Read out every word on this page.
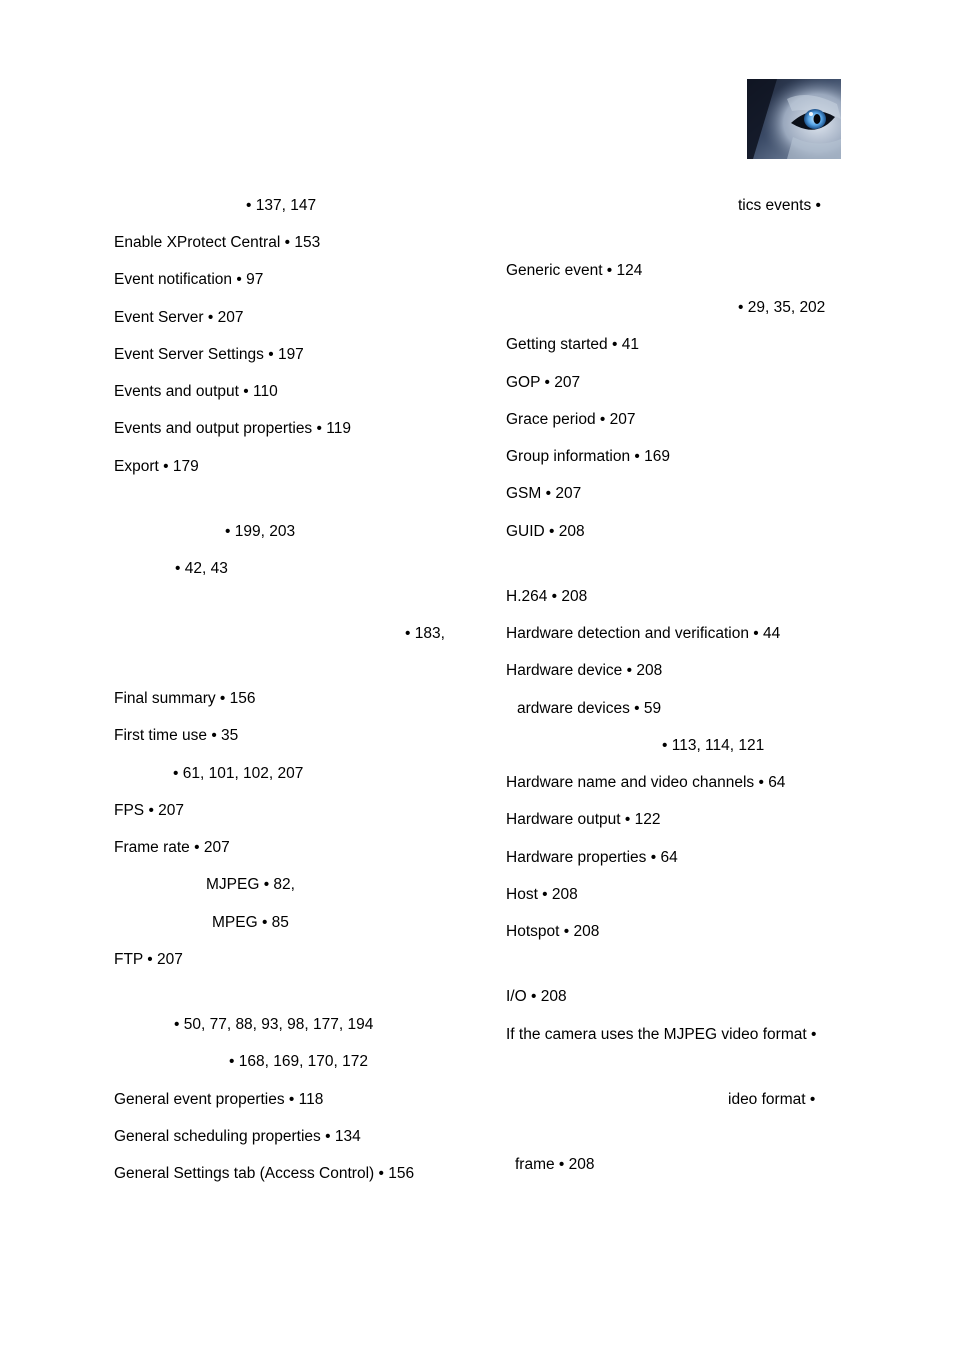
• 137, 147
Enable XProtect Central • 153
Event notification • 97
Event Server • 207
Event Server Settings • 197
Events and output • 110
Events and output properties • 119
Export • 179
• 199, 203
• 42, 43
• 183,
Final summary • 156
First time use • 35
• 61, 101, 102, 207
FPS • 207
Frame rate • 207
MJPEG • 82,
MPEG • 85
FTP • 207
• 50, 77, 88, 93, 98, 177, 194
• 168, 169, 170, 172
General event properties • 118
General scheduling properties • 134
General Settings tab (Access Control) • 156
tics events •
Generic event • 124
• 29, 35, 202
Getting started • 41
GOP • 207
Grace period • 207
Group information • 169
GSM • 207
GUID • 208
H.264 • 208
Hardware detection and verification • 44
Hardware device • 208
ardware devices • 59
• 113, 114, 121
Hardware name and video channels • 64
Hardware output • 122
Hardware properties • 64
Host • 208
Hotspot • 208
I/O • 208
If the camera uses the MJPEG video format •
ideo format •
frame • 208
